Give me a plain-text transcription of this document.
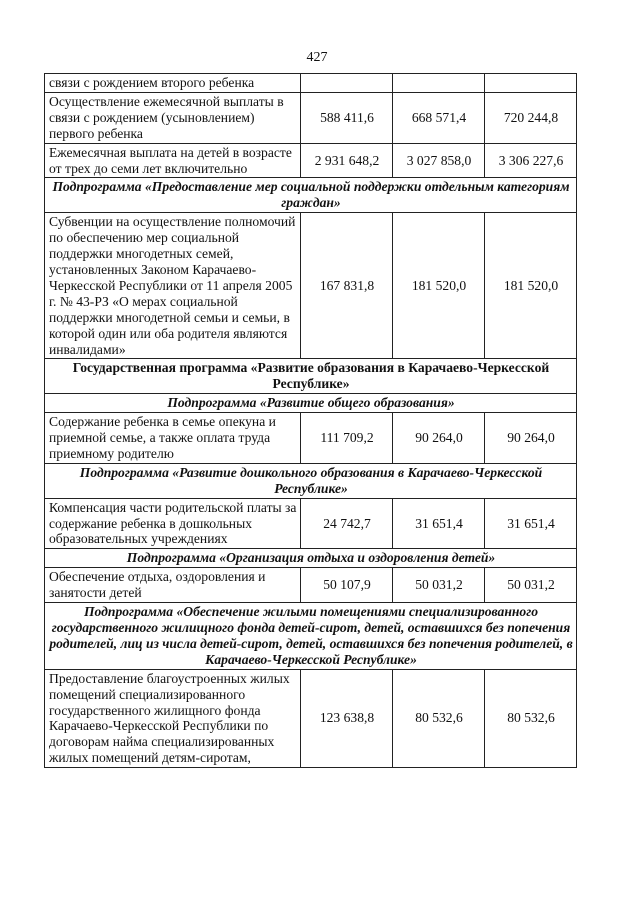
427
связи с рождением второго ребенка			
Осуществление ежемесячной выплаты в связи с рождением (усыновлением) первого ребенка	588 411,6	668 571,4	720 244,8
Ежемесячная выплата на детей в возрасте от трех до семи лет включительно	2 931 648,2	3 027 858,0	3 306 227,6
Подпрограмма «Предоставление мер социальной поддержки отдельным категориям граждан»			
Субвенции на осуществление полномочий по обеспечению мер социальной поддержки многодетных семей, установленных Законом Карачаево-Черкесской Республики от 11 апреля 2005 г. № 43-РЗ «О мерах социальной поддержки многодетной семьи и семьи, в которой один или оба родителя являются инвалидами»	167 831,8	181 520,0	181 520,0
Государственная программа «Развитие образования в Карачаево-Черкесской Республике»			
Подпрограмма «Развитие общего образования»			
Содержание ребенка в семье опекуна и приемной семье, а также оплата труда приемному родителю	111 709,2	90 264,0	90 264,0
Подпрограмма «Развитие дошкольного образования в Карачаево-Черкесской Республике»			
Компенсация части родительской платы за содержание ребенка в дошкольных образовательных учреждениях	24 742,7	31 651,4	31 651,4
Подпрограмма «Организация отдыха и оздоровления детей»			
Обеспечение отдыха, оздоровления и занятости детей	50 107,9	50 031,2	50 031,2
Подпрограмма «Обеспечение жилыми помещениями специализированного государственного жилищного фонда детей-сирот, детей, оставшихся без попечения родителей, лиц из числа детей-сирот, детей, оставшихся без попечения родителей, в Карачаево-Черкесской Республике»			
Предоставление благоустроенных жилых помещений специализированного государственного жилищного фонда Карачаево-Черкесской Республики по договорам найма специализированных жилых помещений детям-сиротам,	123 638,8	80 532,6	80 532,6
